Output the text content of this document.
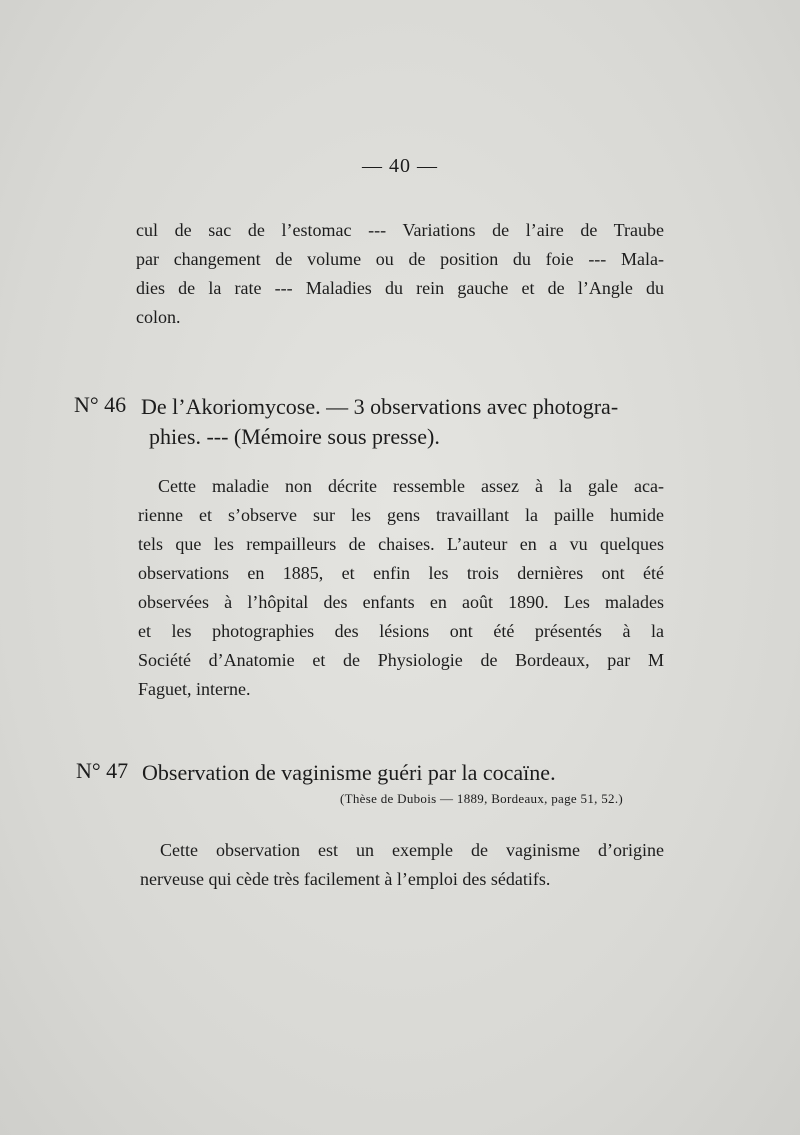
— 40 —
cul de sac de l’estomac --- Variations de l’aire de Traube
par changement de volume ou de position du foie --- Mala-
dies de la rate --- Maladies du rein gauche et de l’Angle du
colon.
N° 46 De l’Akoriomycose. — 3 observations avec photogra-
phies. --- (Mémoire sous presse).
Cette maladie non décrite ressemble assez à la gale aca-
rienne et s’observe sur les gens travaillant la paille humide
tels que les rempailleurs de chaises. L’auteur en a vu quelques
observations en 1885, et enfin les trois dernières ont été
observées à l’hôpital des enfants en août 1890. Les malades
et les photographies des lésions ont été présentés à la
Société d’Anatomie et de Physiologie de Bordeaux, par M
Faguet, interne.
N° 47 Observation de vaginisme guéri par la cocaïne.
(Thèse de Dubois — 1889, Bordeaux, page 51, 52.)
Cette observation est un exemple de vaginisme d’origine
nerveuse qui cède très facilement à l’emploi des sédatifs.
